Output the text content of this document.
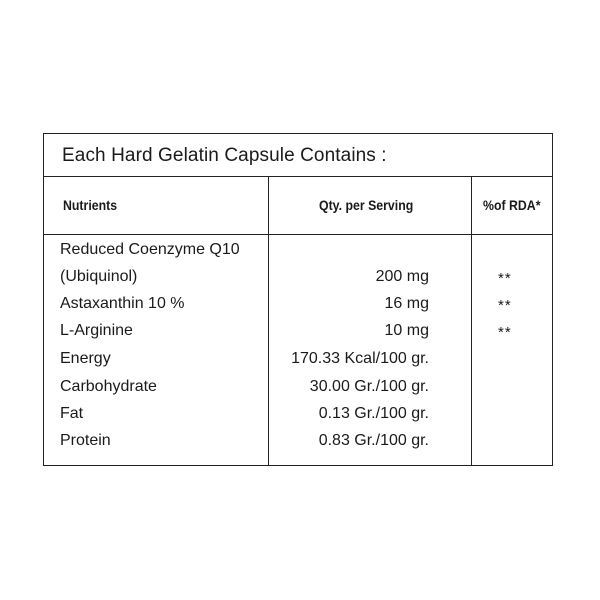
Each Hard Gelatin Capsule Contains :
Nutrients	Qty. per Serving	%of RDA*
Reduced Coenzyme Q10
(Ubiquinol)	200 mg	**
Astaxanthin 10 %	16 mg	**
L-Arginine	10 mg	**
Energy	170.33 Kcal/100 gr.
Carbohydrate	30.00 Gr./100 gr.
Fat	0.13 Gr./100 gr.
Protein	0.83 Gr./100 gr.
